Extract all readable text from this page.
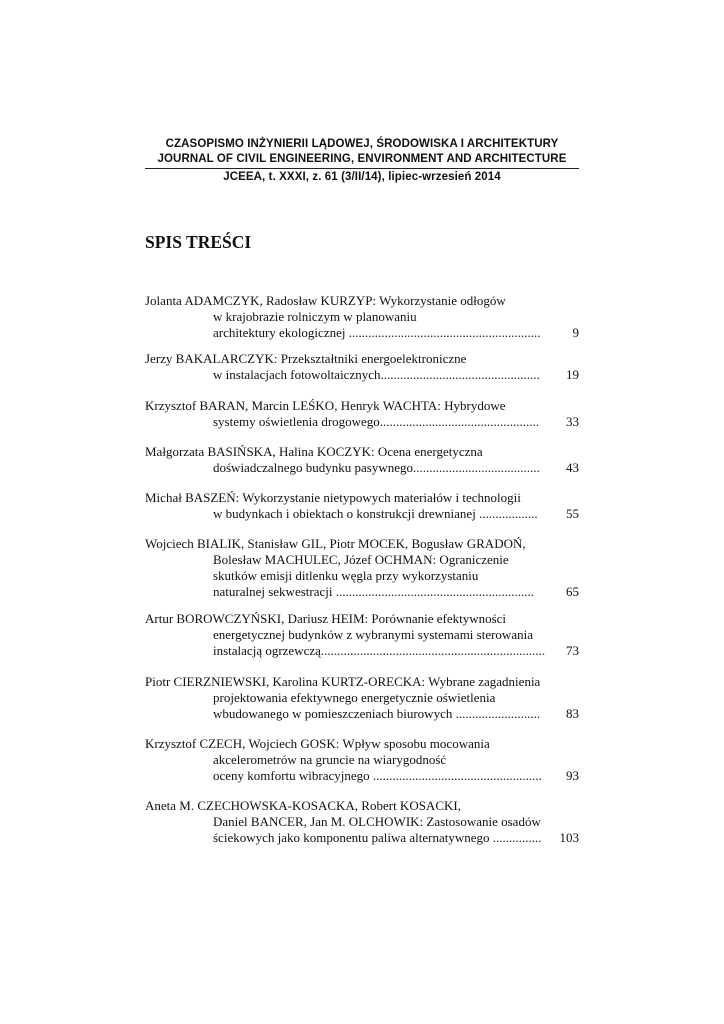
CZASOPISMO INŻYNIERII LĄDOWEJ, ŚRODOWISKA I ARCHITEKTURY
JOURNAL OF CIVIL ENGINEERING, ENVIRONMENT AND ARCHITECTURE
JCEEA, t. XXXI, z. 61 (3/II/14), lipiec-wrzesień 2014
SPIS TREŚCI
Jolanta ADAMCZYK, Radosław KURZYP: Wykorzystanie odłogów
w krajobrazie rolniczym w planowaniu
architektury ekologicznej ........................................................... 9
Jerzy BAKALARCZYK: Przekształtniki energoelektroniczne
w instalacjach fotowoltaicznych................................................. 19
Krzysztof BARAN, Marcin LEŚKO, Henryk WACHTA: Hybrydowe
systemy oświetlenia drogowego................................................. 33
Małgorzata BASIŃSKA, Halina KOCZYK: Ocena energetyczna
doświadczalnego budynku pasywnego....................................... 43
Michał BASZEŃ: Wykorzystanie nietypowych materiałów i technologii
w budynkach i obiektach o konstrukcji drewnianej .................. 55
Wojciech BIALIK, Stanisław GIL, Piotr MOCEK, Bogusław GRADOŃ,
Bolesław MACHULEC, Józef OCHMAN: Ograniczenie
skutków emisji ditlenku węgla przy wykorzystaniu
naturalnej sekwestracji ............................................................. 65
Artur BOROWCZYŃSKI, Dariusz HEIM: Porównanie efektywności
energetycznej budynków z wybranymi systemami sterowania
instalacją ogrzewczą..................................................................... 73
Piotr CIERZNIEWSKI, Karolina KURTZ-ORECKA: Wybrane zagadnienia
projektowania efektywnego energetycznie oświetlenia
wbudowanego w pomieszczeniach biurowych .......................... 83
Krzysztof CZECH, Wojciech GOSK: Wpływ sposobu mocowania
akcelerometrów na gruncie na wiarygodność
oceny komfortu wibracyjnego .................................................... 93
Aneta M. CZECHOWSKA-KOSACKA, Robert KOSACKI,
Daniel BANCER, Jan M. OLCHOWIK: Zastosowanie osadów
ściekowych jako komponentu paliwa alternatywnego ............... 103
